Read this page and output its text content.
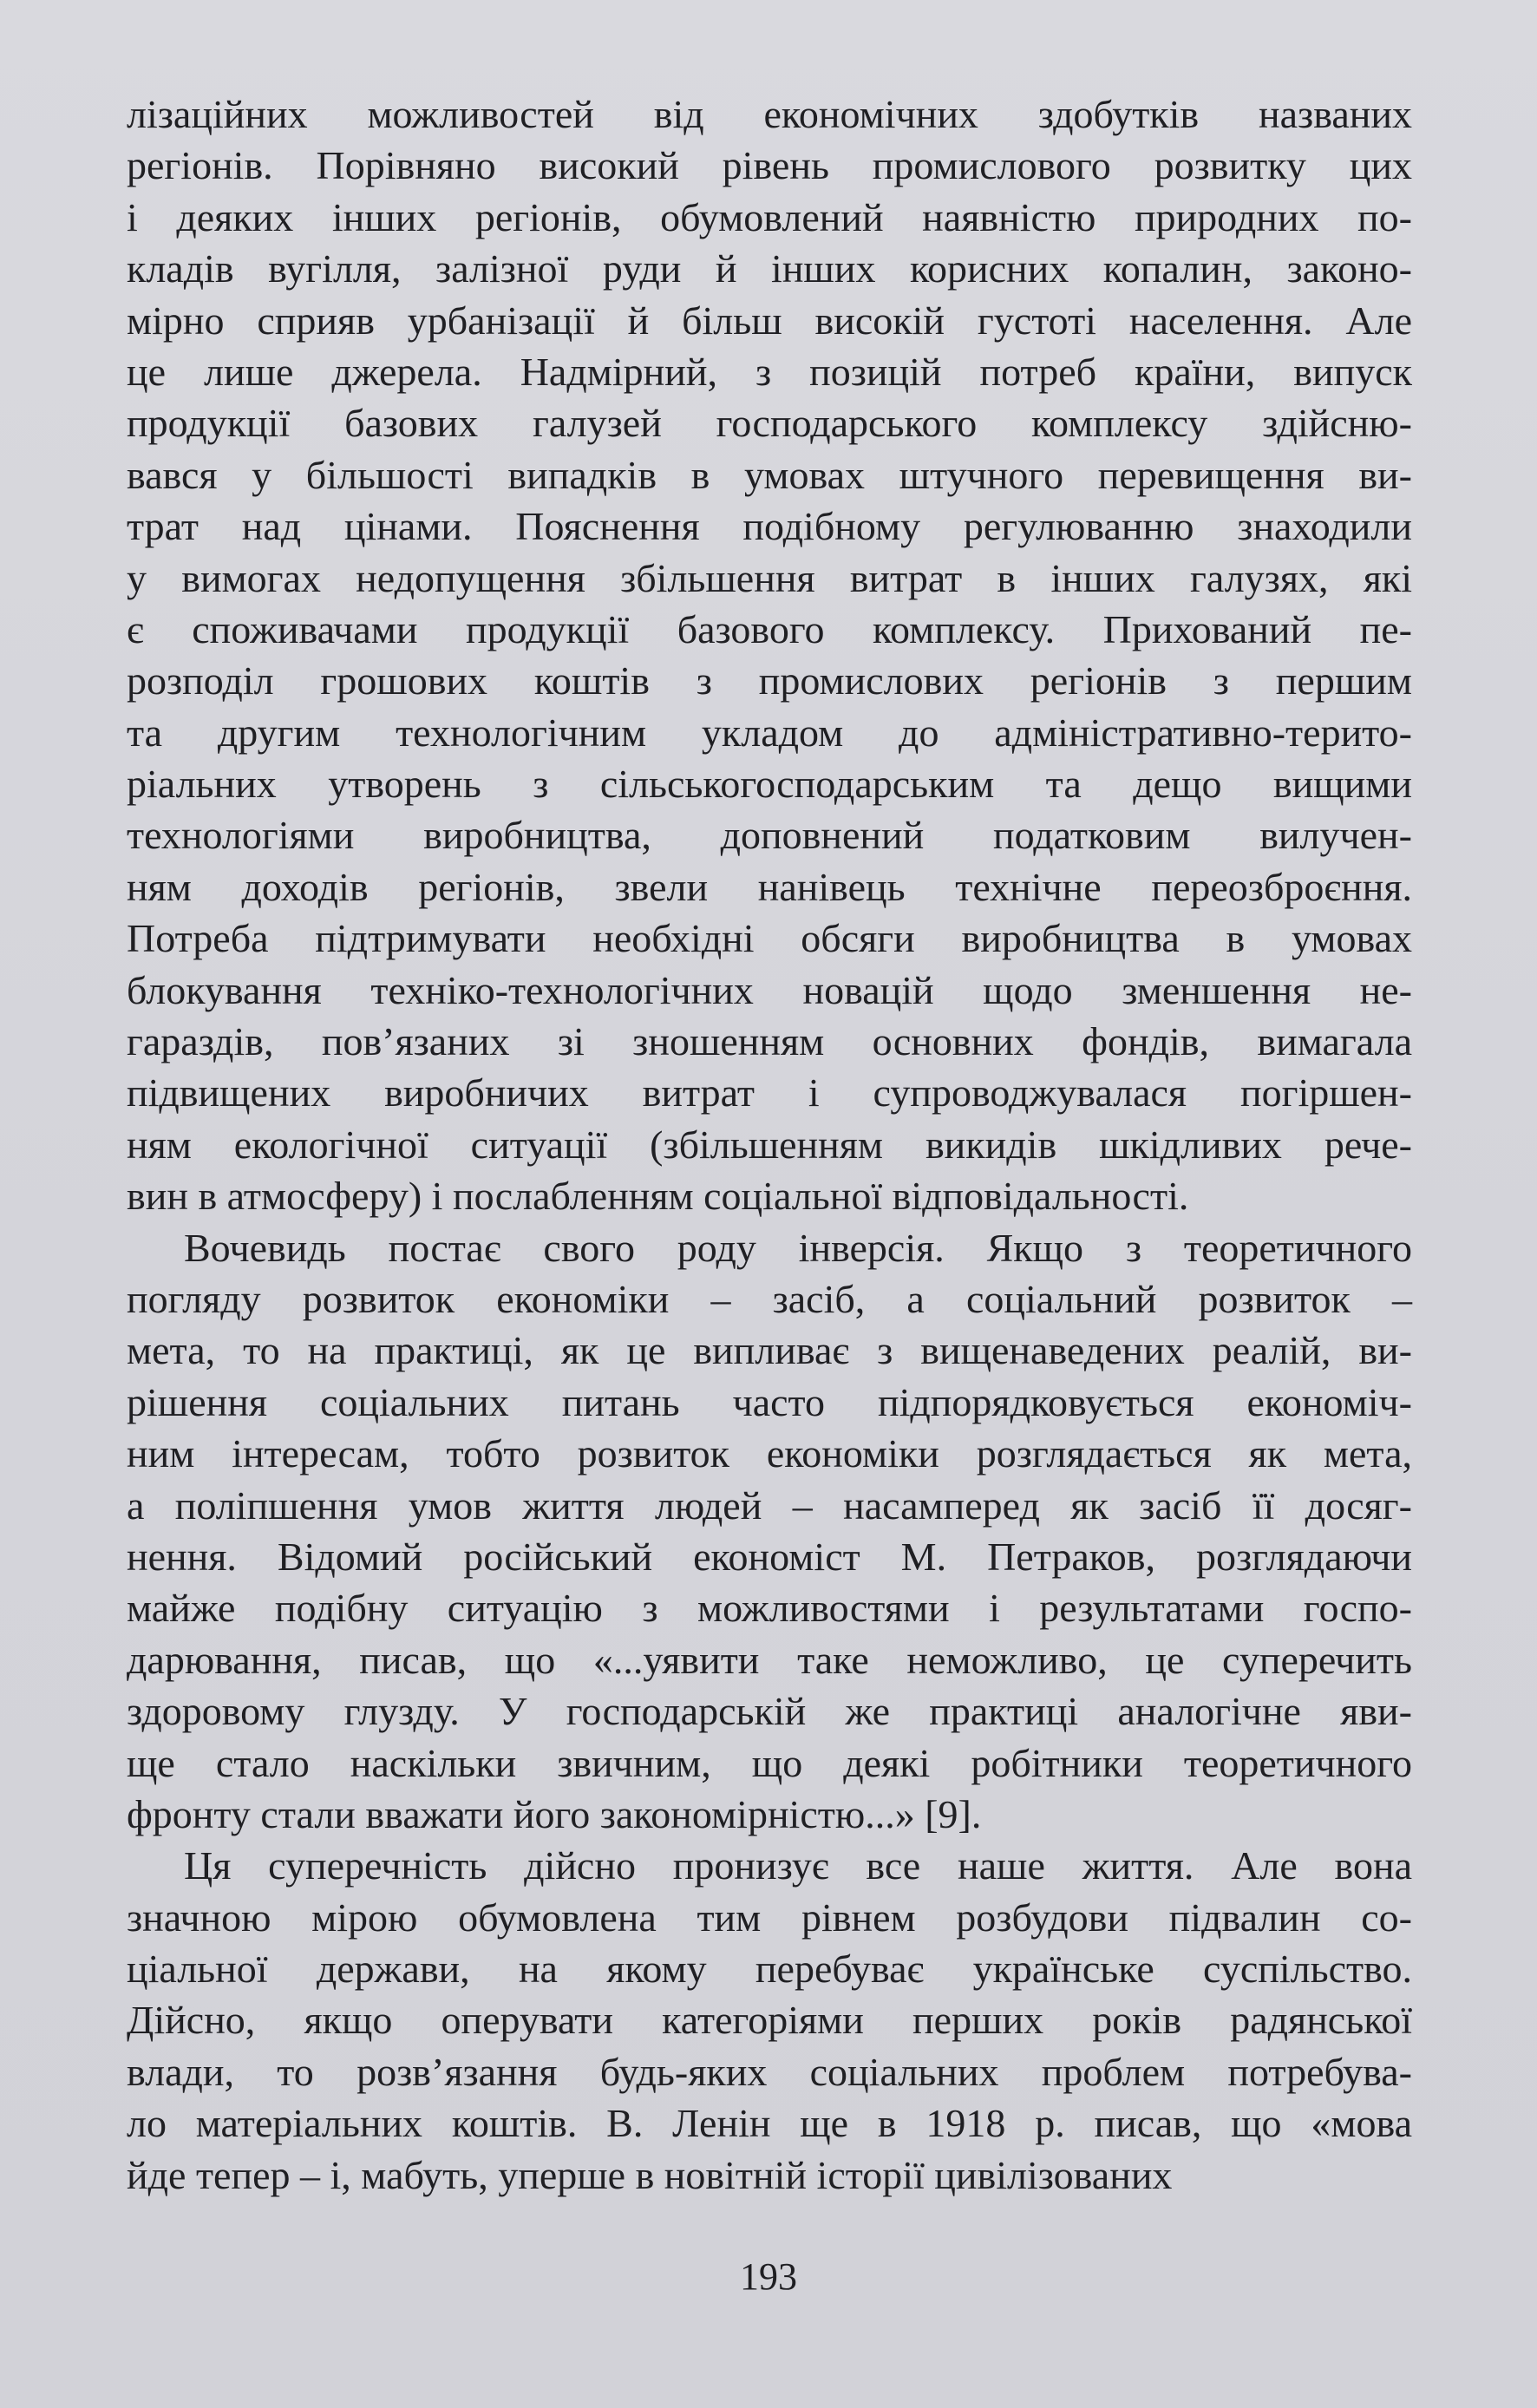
лізаційних можливостей від економічних здобутків названих
регіонів. Порівняно високий рівень промислового розвитку цих
і деяких інших регіонів, обумовлений наявністю природних по-
кладів вугілля, залізної руди й інших корисних копалин, законо-
мірно сприяв урбанізації й більш високій густоті населення. Але
це лише джерела. Надмірний, з позицій потреб країни, випуск
продукції базових галузей господарського комплексу здійсню-
вався у більшості випадків в умовах штучного перевищення ви-
трат над цінами. Пояснення подібному регулюванню знаходили
у вимогах недопущення збільшення витрат в інших галузях, які
є споживачами продукції базового комплексу. Прихований пе-
розподіл грошових коштів з промислових регіонів з першим
та другим технологічним укладом до адміністративно-терито-
ріальних утворень з сільськогосподарським та дещо вищими
технологіями виробництва, доповнений податковим вилучен-
ням доходів регіонів, звели нанівець технічне переозброєння.
Потреба підтримувати необхідні обсяги виробництва в умовах
блокування техніко-технологічних новацій щодо зменшення не-
гараздів, пов’язаних зі зношенням основних фондів, вимагала
підвищених виробничих витрат і супроводжувалася погіршен-
ням екологічної ситуації (збільшенням викидів шкідливих рече-
вин в атмосферу) і послабленням соціальної відповідальності.
Вочевидь постає свого роду інверсія. Якщо з теоретичного
погляду розвиток економіки – засіб, а соціальний розвиток –
мета, то на практиці, як це випливає з вищенаведених реалій, ви-
рішення соціальних питань часто підпорядковується економіч-
ним інтересам, тобто розвиток економіки розглядається як мета,
а поліпшення умов життя людей – насамперед як засіб її досяг-
нення. Відомий російський економіст М. Петраков, розглядаючи
майже подібну ситуацію з можливостями і результатами госпо-
дарювання, писав, що «...уявити таке неможливо, це суперечить
здоровому глузду. У господарській же практиці аналогічне яви-
ще стало наскільки звичним, що деякі робітники теоретичного
фронту стали вважати його закономірністю...» [9].
Ця суперечність дійсно пронизує все наше життя. Але вона
значною мірою обумовлена тим рівнем розбудови підвалин со-
ціальної держави, на якому перебуває українське суспільство.
Дійсно, якщо оперувати категоріями перших років радянської
влади, то розв’язання будь-яких соціальних проблем потребува-
ло матеріальних коштів. В. Ленін ще в 1918 р. писав, що «мова
йде тепер – і, мабуть, уперше в новітній історії цивілізованих
193
